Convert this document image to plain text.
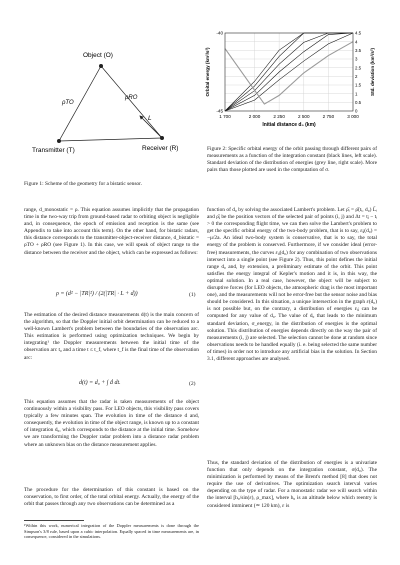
Object (O)
ρTO
ρRO
L
Transmitter (T)	Receiver (R)

Figure 1: Scheme of the geometry for a bistatic sensor.

range, d_monostatic = ρ. This equation assumes implicitly that the propagation time in the two-way trip from ground-based radar to orbiting object is negligible and, in consequence, the epoch of emission and reception is the same (see Appendix to take into account this term). On the other hand, for bistatic radars, this distance corresponds to the transmitter-object-receiver distance, d_bistatic = ρTO + ρRO (see Figure 1). In this case, we will speak of object range to the distance between the receiver and the object, which can be expressed as follows:

ρ = (d² − |TR|²) / (2(|TR| · L + d))	(1)

The estimation of the desired distance measurements d(t) is the main concern of the algorithm, so that the Doppler initial orbit determination can be reduced to a well-known Lambert's problem between the boundaries of the observation arc. This estimation is performed using optimization techniques. We begin by integrating¹ the Doppler measurements between the initial time of the observation arc t₀ and a time t ≤ t_f, where t_f is the final time of the observation arc:

d(t) = d₀ + ∫ ḋ dt.	(2)

This equation assumes that the radar is taken measurements of the object continuously within a visibility pass. For LEO objects, this visibility pass covers typically a few minutes span. The evolution in time of the distance d and, consequently, the evolution in time of the object range, is known up to a constant of integration d₀, which corresponds to the distance at the initial time. Somehow we are transforming the Doppler radar problem into a distance radar problem where an unknown bias on the distance measurement applies.

The procedure for the determination of this constant is based on the conservation, to first order, of the total orbital energy. Actually, the energy of the orbit that passes through any two observations can be determined as a

¹Within this work, numerical integration of the Doppler measurements is done through the Simpson's 3/8 rule, based upon a cubic interpolation. Equally spaced in time measurements are, in consequence, considered in the simulations.

1 700	2 000	2 250	2 500	2 750	3 000
-40
-45	0
0.5
1
1.5
2
2.5
3
3.5
4
4.5
Initial distance d₀ (km)
Orbital energy (km²/s²)	Std. deviation (km²/s²)

Figure 2: Specific orbital energy of the orbit passing through different pairs of measurements as a function of the integration constant (black lines, left scale). Standard deviation of the distribution of energies (grey line, right scale). More pairs than those plotted are used in the computation of σ.

function of d₀ by solving the associated Lambert's problem. Let ρ̄ᵢ = ρ̄(tᵢ, d₀) L̄ᵢ and ρ̄ⱼ be the position vectors of the selected pair of points (i, j) and Δt = tⱼ − tᵢ > 0 the corresponding flight time, we can then solve the Lambert's problem to get the specific orbital energy of the two-body problem, that is to say, εᵢⱼ(d₀) = −μ/2a. An ideal two-body system is conservative, that is to say, the total energy of the problem is conserved. Furthermore, if we consider ideal (error-free) measurements, the curves εᵢⱼ(d₀) for any combination of two observations intersect into a single point (see Figure 2). Thus, this point defines the initial range d₀ and, by extension, a preliminary estimate of the orbit. This point satisfies the energy integral of Kepler's motion and it is, in this way, the optimal solution. In a real case, however, the object will be subject to disruptive forces (for LEO objects, the atmospheric drag is the most important one), and the measurements will not be error-free but the sensor noise and bias should be considered. In this situation, a unique intersection in the graph ε(d₀) is not possible but, on the contrary, a distribution of energies εᵢⱼ can be computed for any value of d₀. The value of d₀ that leads to the minimum standard deviation, σ_energy, in the distribution of energies is the optimal solution. This distribution of energies depends directly on the way the pair of measurements (i, j) are selected. The selection cannot be done at random since observations needs to be handled equally (i. e. being selected the same number of times) in order not to introduce any artificial bias in the solution. In Section 3.1, different approaches are analysed.

Thus, the standard deviation of the distribution of energies is a univariate function that only depends on the integration constant, σ(d₀). The minimization is performed by means of the Brent's method [8] that does not require the use of derivatives. The optimization search interval varies depending on the type of radar. For a monostatic radar we will search within the interval [h₀/sin(ε), ρ_max], where h₀ is an altitude below which reentry is considered imminent (≃ 120 km), ε is
